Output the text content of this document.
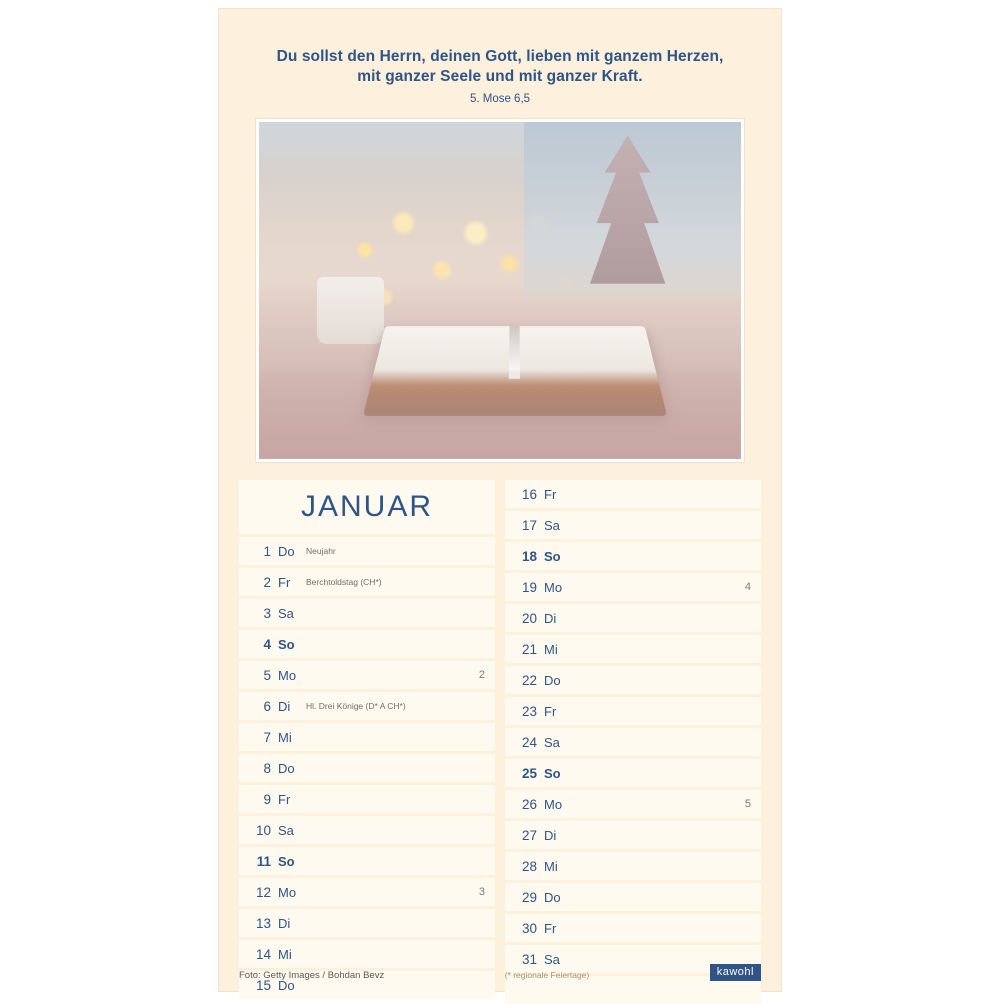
Du sollst den Herrn, deinen Gott, lieben mit ganzem Herzen,
mit ganzer Seele und mit ganzer Kraft.
5. Mose 6,5
JANUAR
1 Do	Neujahr
2 Fr	Berchtoldstag (CH*)
3 Sa
4 So
5 Mo	2
6 Di	Hl. Drei Könige (D* A CH*)
7 Mi
8 Do
9 Fr
10 Sa
11 So
12 Mo	3
13 Di
14 Mi
15 Do
16 Fr
17 Sa
18 So
19 Mo	4
20 Di
21 Mi
22 Do
23 Fr
24 Sa
25 So
26 Mo	5
27 Di
28 Mi
29 Do
30 Fr
31 Sa
Foto: Getty Images / Bohdan Bevz	(* regionale Feiertage)	kawohl
